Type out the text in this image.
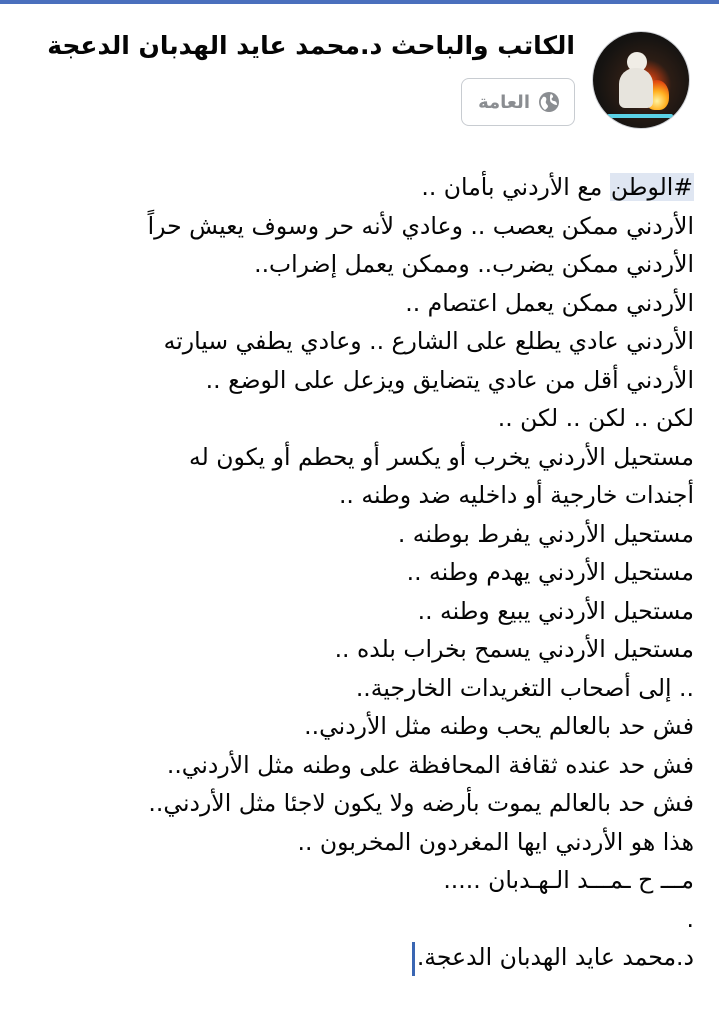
الكاتب والباحث د.محمد عايد الهدبان الدعجة
العامة

#الوطن مع الأردني بأمان ..

الأردني ممكن يعصب .. وعادي لأنه حر وسوف يعيش حراً

الأردني ممكن يضرب.. وممكن يعمل إضراب..

الأردني ممكن يعمل اعتصام ..

الأردني عادي يطلع على الشارع .. وعادي يطفي سيارته

الأردني أقل من عادي يتضايق ويزعل على الوضع ..

لكن .. لكن .. لكن ..

مستحيل الأردني يخرب أو يكسر أو يحطم أو يكون له

أجندات خارجية أو داخليه ضد وطنه ..

مستحيل الأردني يفرط بوطنه .

مستحيل الأردني يهدم وطنه ..

مستحيل الأردني يبيع وطنه ..

مستحيل الأردني يسمح بخراب بلده ..

.. إلى أصحاب التغريدات الخارجية..

فش حد بالعالم يحب وطنه مثل الأردني..

فش حد عنده ثقافة المحافظة على وطنه مثل الأردني..

فش حد بالعالم يموت بأرضه ولا يكون لاجئا مثل الأردني..

هذا هو الأردني ايها المغردون المخربون ..

مـــ ح ـمـــد الـهـدبان .....

.

د.محمد عايد الهدبان الدعجة.
